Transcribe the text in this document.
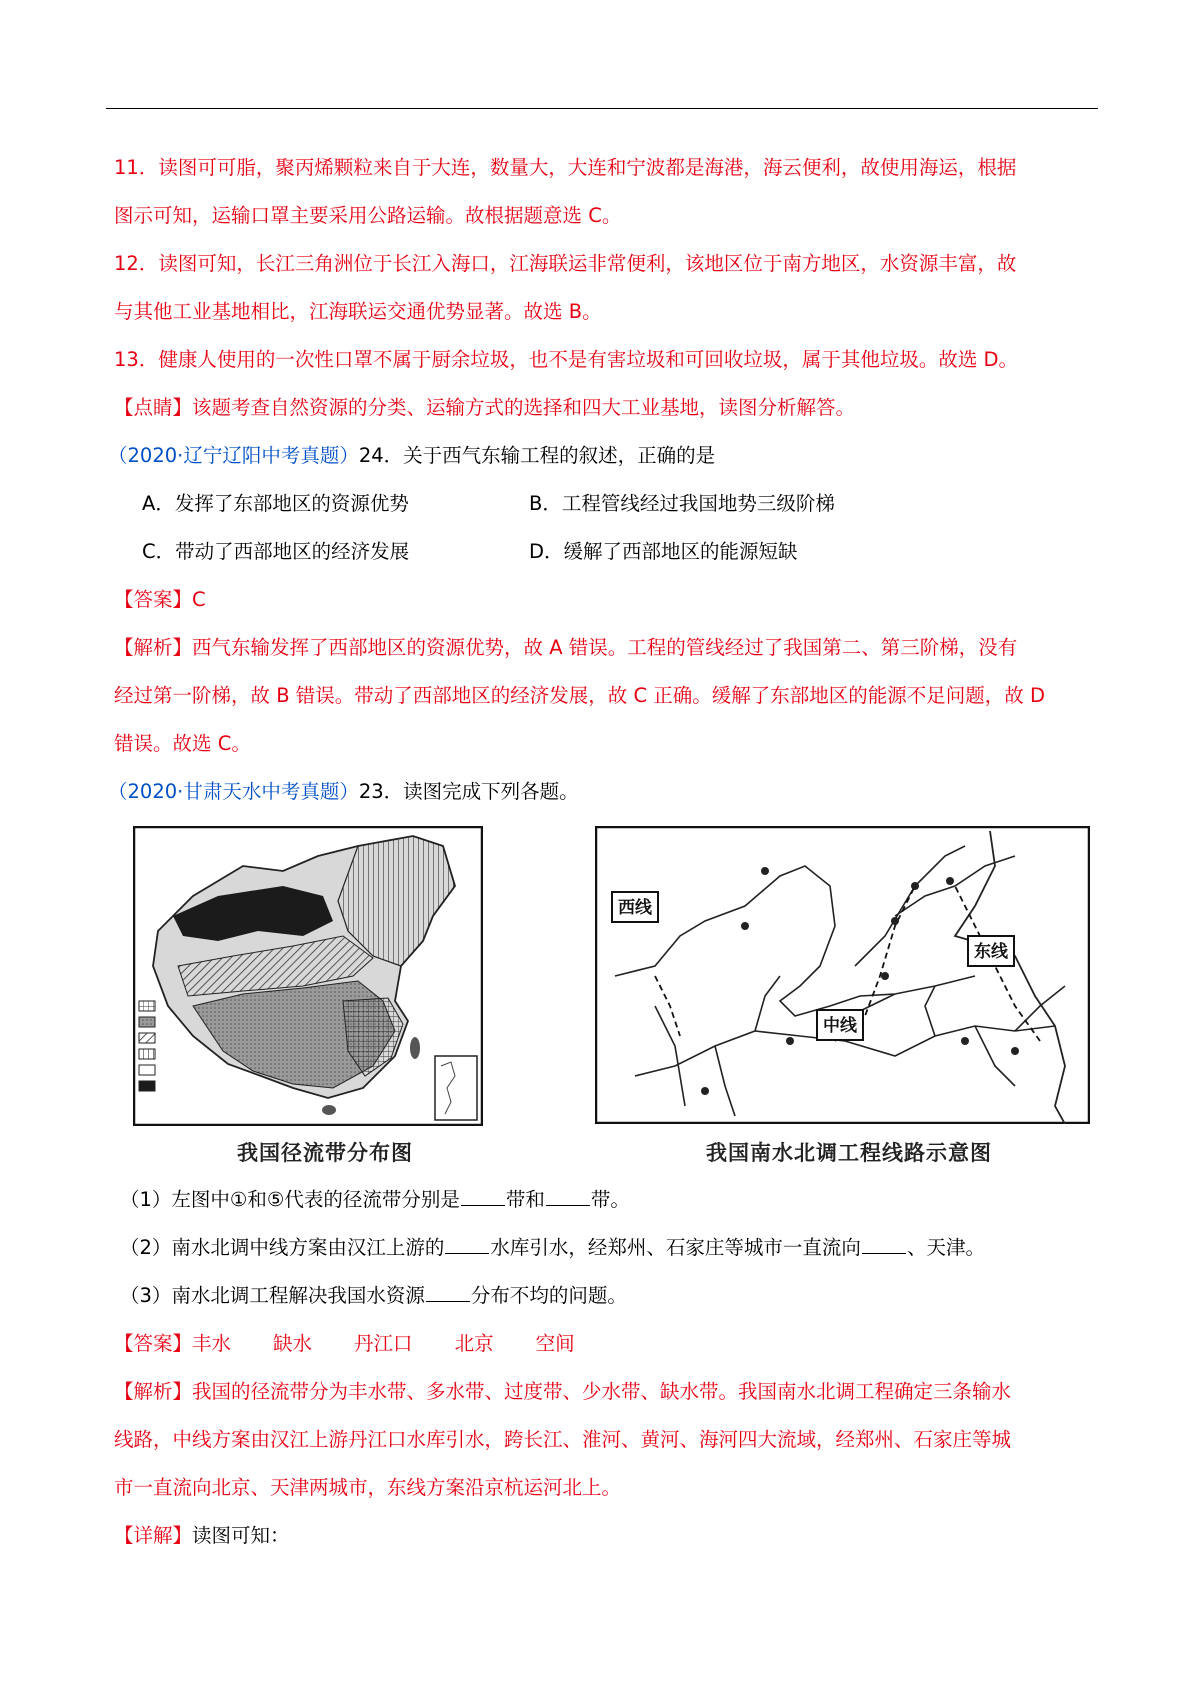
11．读图可可脂，聚丙烯颗粒来自于大连，数量大，大连和宁波都是海港，海云便利，故使用海运，根据
图示可知，运输口罩主要采用公路运输。故根据题意选 C。
12．读图可知，长江三角洲位于长江入海口，江海联运非常便利，该地区位于南方地区，水资源丰富，故
与其他工业基地相比，江海联运交通优势显著。故选 B。
13．健康人使用的一次性口罩不属于厨余垃圾，也不是有害垃圾和可回收垃圾，属于其他垃圾。故选 D。
【点睛】该题考查自然资源的分类、运输方式的选择和四大工业基地，读图分析解答。
（2020·辽宁辽阳中考真题）24．关于西气东输工程的叙述，正确的是
A．发挥了东部地区的资源优势	B．工程管线经过我国地势三级阶梯
C．带动了西部地区的经济发展	D．缓解了西部地区的能源短缺
【答案】C
【解析】西气东输发挥了西部地区的资源优势，故 A 错误。工程的管线经过了我国第二、第三阶梯，没有
经过第一阶梯，故 B 错误。带动了西部地区的经济发展，故 C 正确。缓解了东部地区的能源不足问题，故 D
错误。故选 C。
（2020·甘肃天水中考真题）23．读图完成下列各题。
我国径流带分布图
西线
中线
东线
我国南水北调工程线路示意图
（1）左图中①和⑤代表的径流带分别是 带和 带。
（2）南水北调中线方案由汉江上游的 水库引水，经郑州、石家庄等城市一直流向 、天津。
（3）南水北调工程解决我国水资源 分布不均的问题。
【答案】丰水 缺水 丹江口 北京 空间
【解析】我国的径流带分为丰水带、多水带、过度带、少水带、缺水带。我国南水北调工程确定三条输水
线路，中线方案由汉江上游丹江口水库引水，跨长江、淮河、黄河、海河四大流域，经郑州、石家庄等城
市一直流向北京、天津两城市，东线方案沿京杭运河北上。
【详解】读图可知：
